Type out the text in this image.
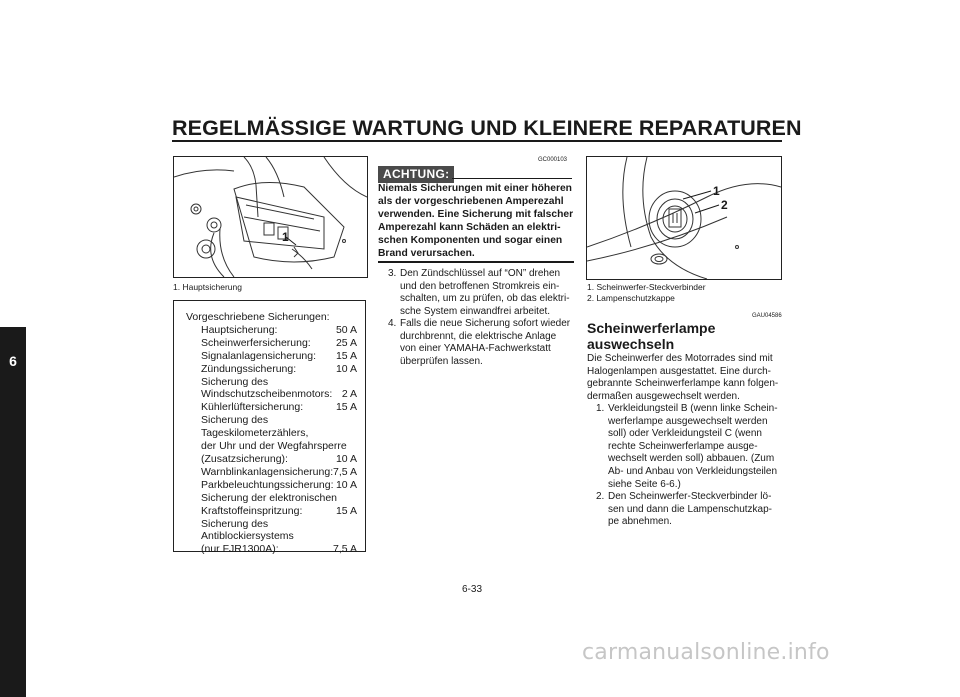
REGELMÄSSIGE WARTUNG UND KLEINERE REPARATUREN
6
1
1. Hauptsicherung
Vorgeschriebene Sicherungen:
Hauptsicherung:	50 A
Scheinwerfersicherung: 25 A
Signalanlagensicherung: 15 A
Zündungssicherung:	10 A
Sicherung des
Windschutzscheibenmotors: 2 A
Kühlerlüftersicherung:	15 A
Sicherung des
Tageskilometerzählers,
der Uhr und der Wegfahrsperre
(Zusatzsicherung):	10 A
Warnblinkanlagensicherung: 7,5 A
Parkbeleuchtungssicherung: 10 A
Sicherung der elektronischen
Kraftstoffeinspritzung:	15 A
Sicherung des
Antiblockiersystems
(nur FJR1300A):	7,5 A
GC000103
ACHTUNG:
Niemals Sicherungen mit einer höheren
als der vorgeschriebenen Amperezahl
verwenden. Eine Sicherung mit falscher
Amperezahl kann Schäden an elektri-
schen Komponenten und sogar einen
Brand verursachen.
3. Den Zündschlüssel auf “ON” drehen
und den betroffenen Stromkreis ein-
schalten, um zu prüfen, ob das elektri-
sche System einwandfrei arbeitet.
4. Falls die neue Sicherung sofort wieder
durchbrennt, die elektrische Anlage
von einer YAMAHA-Fachwerkstatt
überprüfen lassen.
1
2
1. Scheinwerfer-Steckverbinder
2. Lampenschutzkappe
GAU04586
Scheinwerferlampe
auswechseln
Die Scheinwerfer des Motorrades sind mit
Halogenlampen ausgestattet. Eine durch-
gebrannte Scheinwerferlampe kann folgen-
dermaßen ausgewechselt werden.
1. Verkleidungsteil B (wenn linke Schein-
werferlampe ausgewechselt werden
soll) oder Verkleidungsteil C (wenn
rechte Scheinwerferlampe ausge-
wechselt werden soll) abbauen. (Zum
Ab- und Anbau von Verkleidungsteilen
siehe Seite 6-6.)
2. Den Scheinwerfer-Steckverbinder lö-
sen und dann die Lampenschutzkap-
pe abnehmen.
6-33
carmanualsonline.info
